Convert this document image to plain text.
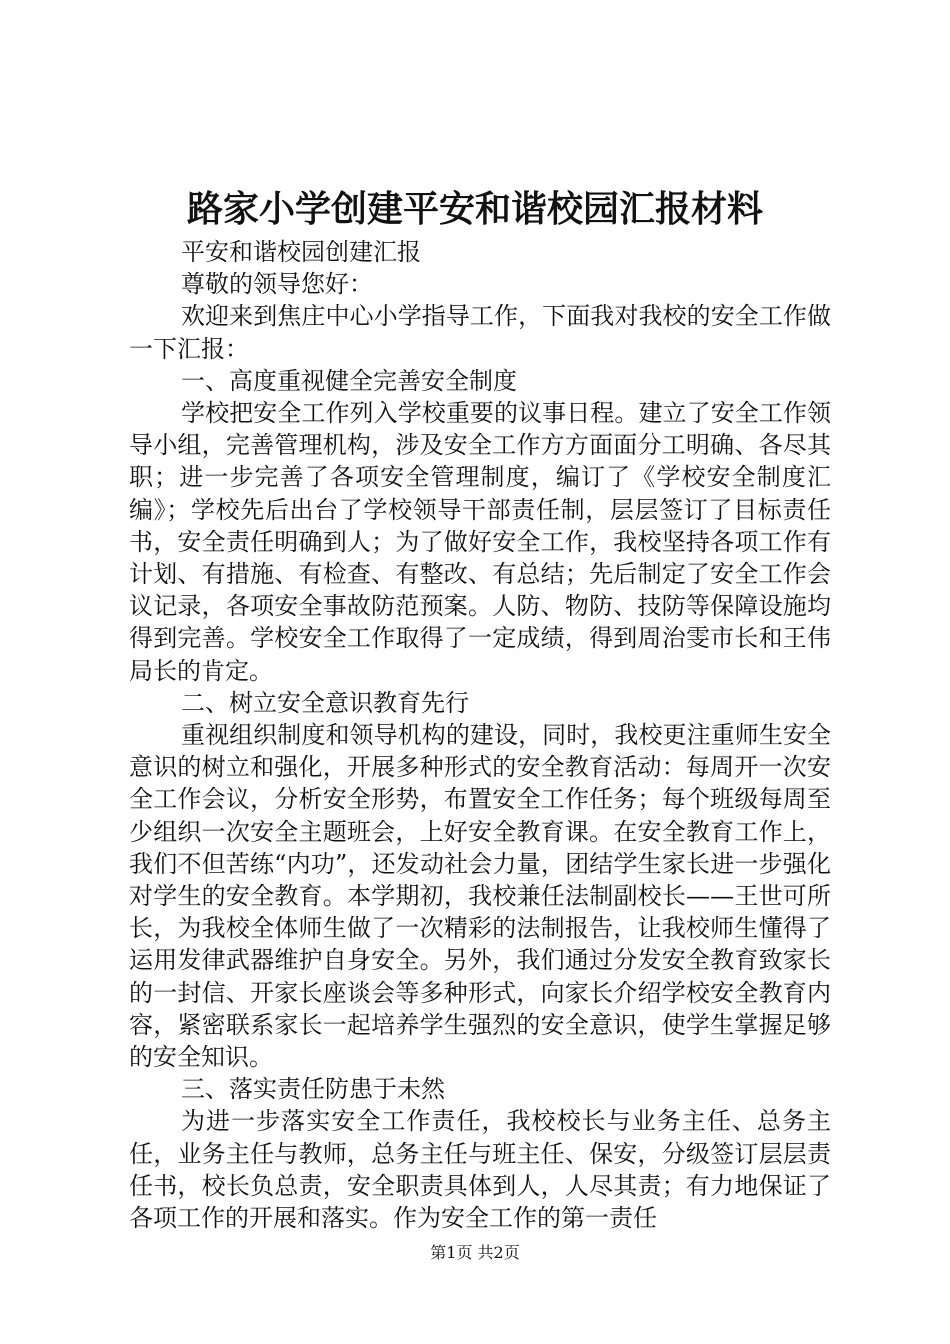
路家小学创建平安和谐校园汇报材料

平安和谐校园创建汇报

尊敬的领导您好：

欢迎来到焦庄中心小学指导工作，下面我对我校的安全工作做一下汇报：

一、高度重视健全完善安全制度

学校把安全工作列入学校重要的议事日程。建立了安全工作领导小组，完善管理机构，涉及安全工作方方面面分工明确、各尽其职；进一步完善了各项安全管理制度，编订了《学校安全制度汇编》；学校先后出台了学校领导干部责任制，层层签订了目标责任书，安全责任明确到人；为了做好安全工作，我校坚持各项工作有计划、有措施、有检查、有整改、有总结；先后制定了安全工作会议记录，各项安全事故防范预案。人防、物防、技防等保障设施均得到完善。学校安全工作取得了一定成绩，得到周治雯市长和王伟局长的肯定。

二、树立安全意识教育先行

重视组织制度和领导机构的建设，同时，我校更注重师生安全意识的树立和强化，开展多种形式的安全教育活动：每周开一次安全工作会议，分析安全形势，布置安全工作任务；每个班级每周至少组织一次安全主题班会，上好安全教育课。在安全教育工作上，我们不但苦练“内功”，还发动社会力量，团结学生家长进一步强化对学生的安全教育。本学期初，我校兼任法制副校长——王世可所长，为我校全体师生做了一次精彩的法制报告，让我校师生懂得了运用发律武器维护自身安全。另外，我们通过分发安全教育致家长的一封信、开家长座谈会等多种形式，向家长介绍学校安全教育内容，紧密联系家长一起培养学生强烈的安全意识，使学生掌握足够的安全知识。

三、落实责任防患于未然

为进一步落实安全工作责任，我校校长与业务主任、总务主任，业务主任与教师，总务主任与班主任、保安，分级签订层层责任书，校长负总责，安全职责具体到人，人尽其责；有力地保证了各项工作的开展和落实。作为安全工作的第一责任

第1页 共2页
